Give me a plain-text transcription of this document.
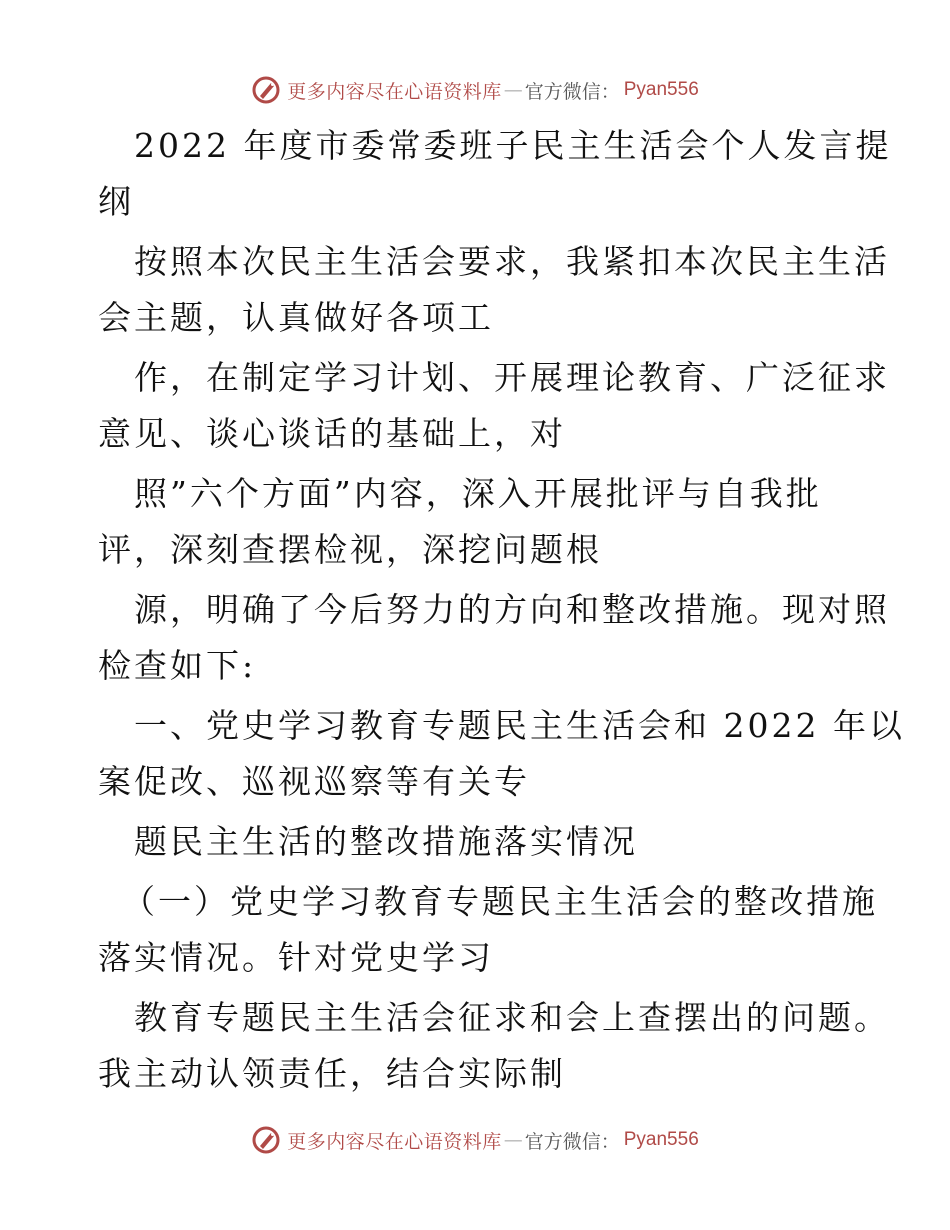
更多内容尽在心语资料库 — 官方微信： Pyan556
2022 年度市委常委班子民主生活会个人发言提
纲
按照本次民主生活会要求，我紧扣本次民主生活
会主题，认真做好各项工
作，在制定学习计划、开展理论教育、广泛征求
意见、谈心谈话的基础上，对
照”六个方面”内容，深入开展批评与自我批
评，深刻查摆检视，深挖问题根
源，明确了今后努力的方向和整改措施。现对照
检查如下:
一、党史学习教育专题民主生活会和 2022 年以
案促改、巡视巡察等有关专
题民主生活的整改措施落实情况
（一）党史学习教育专题民主生活会的整改措施
落实情况。针对党史学习
教育专题民主生活会征求和会上查摆出的问题。
我主动认领责任，结合实际制
更多内容尽在心语资料库 — 官方微信： Pyan556
